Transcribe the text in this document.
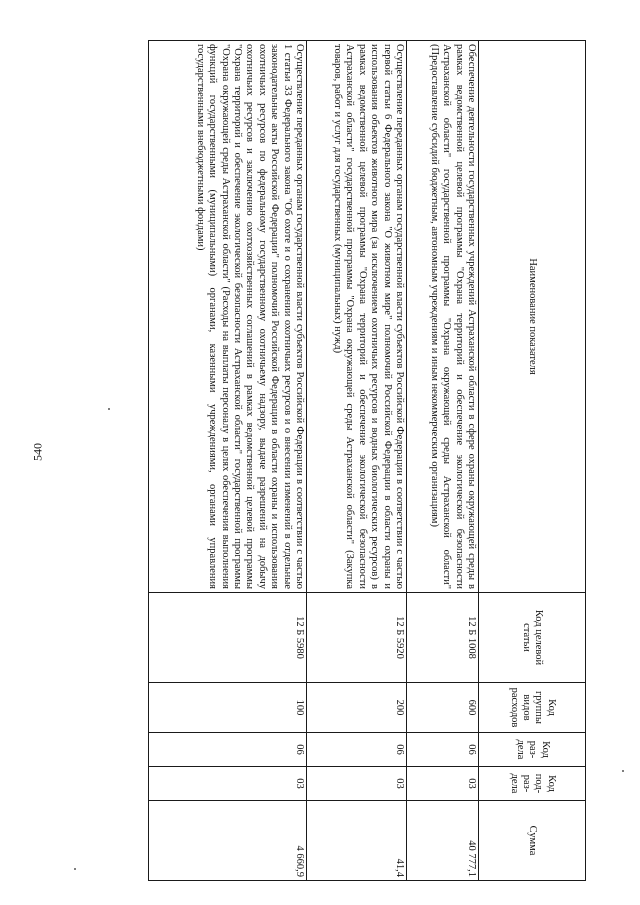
540
Наименование показателя	Код целевой статьи	Код группы видов расходов	Код раз-дела	Код под-раз-дела	Сумма
Обеспечение деятельности государственных учреждений Астраханской области в сфере охраны окружающей среды в рамках ведомственной целевой программы "Охрана территорий и обеспечение экологической безопасности Астраханской области" государственной программы "Охрана окружающей среды Астраханской области" (Предоставление субсидий бюджетным, автономным учреждениям и иным некоммерческим организациям)	12 Б 1008	600	06	03	40 777,1
Осуществление переданных органам государственной власти субъектов Российской Федерации в соответствии с частью первой статьи 6 Федерального закона "О животном мире" полномочий Российской Федерации в области охраны и использования объектов животного мира (за исключением охотничьих ресурсов и водных биологических ресурсов) в рамках ведомственной целевой программы "Охрана территорий и обеспечение экологической безопасности Астраханской области" государственной программы "Охрана окружающей среды Астраханской области" (Закупка товаров, работ и услуг для государственных (муниципальных) нужд)	12 Б 5920	200	06	03	41,4
Осуществление переданных органам государственной власти субъектов Российской Федерации в соответствии с частью 1 статьи 33 Федерального закона "Об охоте и о сохранении охотничьих ресурсов и о внесении изменений в отдельные законодательные акты Российской Федерации" полномочий Российской Федерации в области охраны и использования охотничьих ресурсов по федеральному государственному охотничьему надзору, выдаче разрешений на добычу охотничьих ресурсов и заключению охотхозяйственных соглашений в рамках ведомственной целевой программы "Охрана территорий и обеспечение экологической безопасности Астраханской области" государственной программы "Охрана окружающей среды Астраханской области" (Расходы на выплаты персоналу в целях обеспечения выполнения функций государственными (муниципальными) органами, казенными учреждениями, органами управления государственными внебюджетными фондами)	12 Б 5980	100	06	03	4 660,9
